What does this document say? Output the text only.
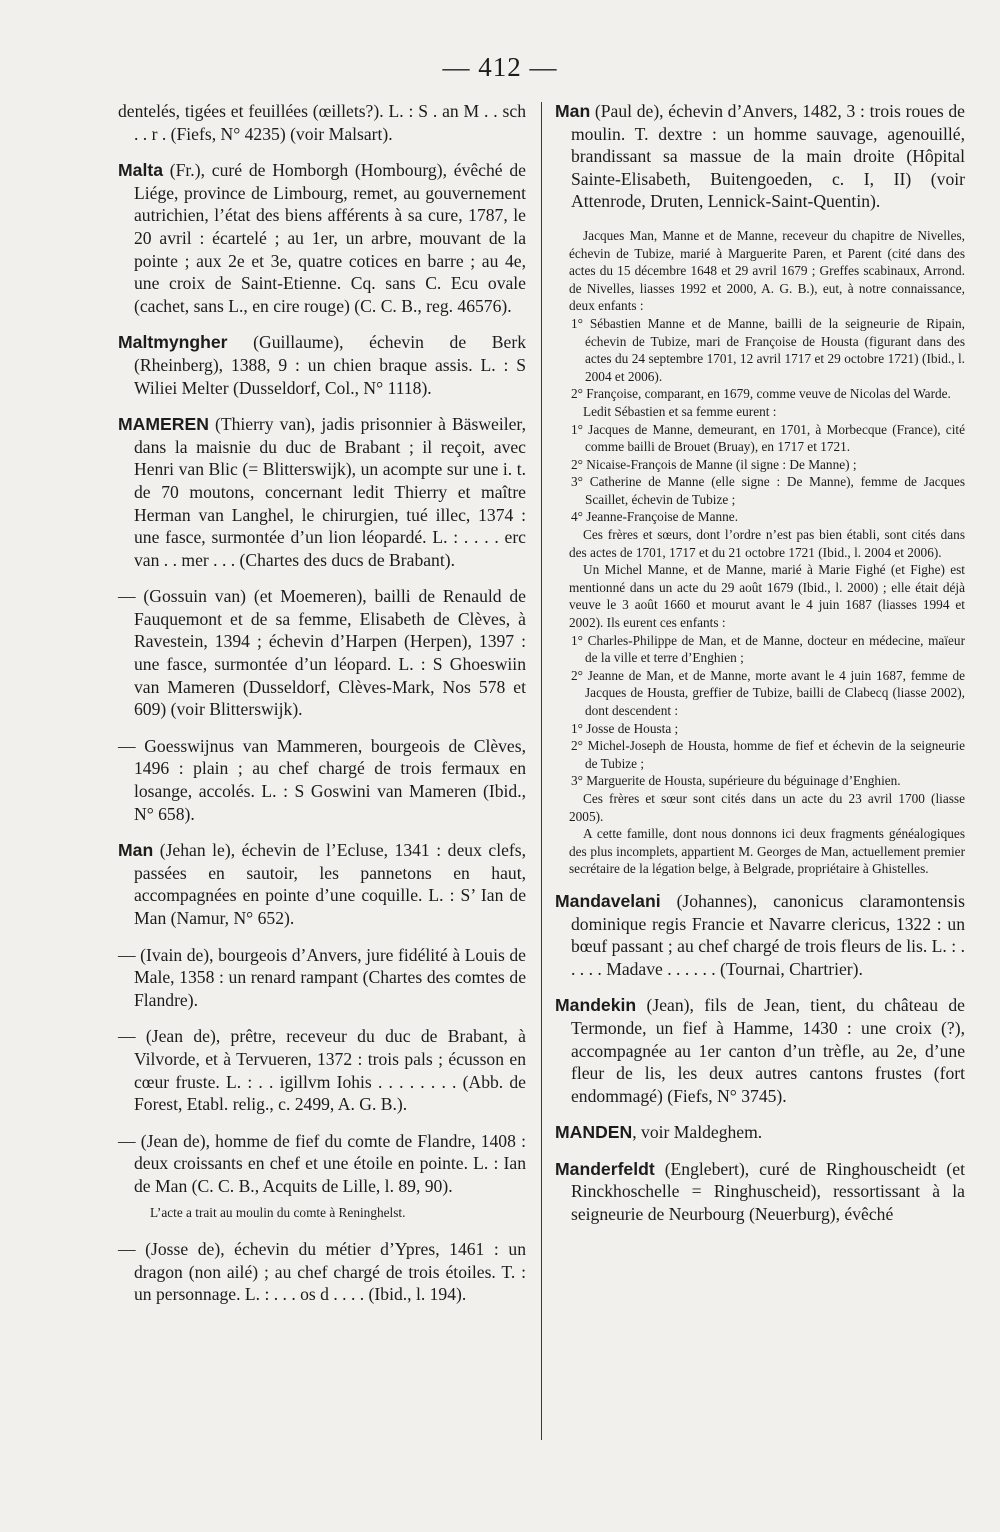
— 412 —

dentelés, tigées et feuillées (œillets?). L. : S . an M . . sch . . r . (Fiefs, N° 4235) (voir Malsart).

Malta (Fr.), curé de Homborgh (Hombourg), évêché de Liége, province de Limbourg, remet, au gouvernement autrichien, l’état des biens afférents à sa cure, 1787, le 20 avril : écartelé ; au 1er, un arbre, mouvant de la pointe ; aux 2e et 3e, quatre cotices en barre ; au 4e, une croix de Saint-Etienne. Cq. sans C. Ecu ovale (cachet, sans L., en cire rouge) (C. C. B., reg. 46576).

Maltmyngher (Guillaume), échevin de Berk (Rheinberg), 1388, 9 : un chien braque assis. L. : S Wiliei Melter (Dusseldorf, Col., N° 1118).

MAMEREN (Thierry van), jadis prisonnier à Bäsweiler, dans la maisnie du duc de Brabant ; il reçoit, avec Henri van Blic (= Blitterswijk), un acompte sur une i. t. de 70 moutons, concernant ledit Thierry et maître Herman van Langhel, le chirurgien, tué illec, 1374 : une fasce, surmontée d’un lion léopardé. L. : . . . . erc van . . mer . . . (Chartes des ducs de Brabant).

— (Gossuin van) (et Moemeren), bailli de Renauld de Fauquemont et de sa femme, Elisabeth de Clèves, à Ravestein, 1394 ; échevin d’Harpen (Herpen), 1397 : une fasce, surmontée d’un léopard. L. : S Ghoeswiin van Mameren (Dusseldorf, Clèves-Mark, Nos 578 et 609) (voir Blitterswijk).

— Goesswijnus van Mammeren, bourgeois de Clèves, 1496 : plain ; au chef chargé de trois fermaux en losange, accolés. L. : S Goswini van Mameren (Ibid., N° 658).

Man (Jehan le), échevin de l’Ecluse, 1341 : deux clefs, passées en sautoir, les pannetons en haut, accompagnées en pointe d’une coquille. L. : S’ Ian de Man (Namur, N° 652).

— (Ivain de), bourgeois d’Anvers, jure fidélité à Louis de Male, 1358 : un renard rampant (Chartes des comtes de Flandre).

— (Jean de), prêtre, receveur du duc de Brabant, à Vilvorde, et à Tervueren, 1372 : trois pals ; écusson en cœur fruste. L. : . . igillvm Iohis . . . . . . . . (Abb. de Forest, Etabl. relig., c. 2499, A. G. B.).

— (Jean de), homme de fief du comte de Flandre, 1408 : deux croissants en chef et une étoile en pointe. L. : Ian de Man (C. C. B., Acquits de Lille, l. 89, 90).
L’acte a trait au moulin du comte à Reninghelst.

— (Josse de), échevin du métier d’Ypres, 1461 : un dragon (non ailé) ; au chef chargé de trois étoiles. T. : un personnage. L. : . . . os d . . . . (Ibid., l. 194).

Man (Paul de), échevin d’Anvers, 1482, 3 : trois roues de moulin. T. dextre : un homme sauvage, agenouillé, brandissant sa massue de la main droite (Hôpital Sainte-Elisabeth, Buitengoeden, c. I, II) (voir Attenrode, Druten, Lennick-Saint-Quentin).

Jacques Man, Manne et de Manne, receveur du chapitre de Nivelles, échevin de Tubize, marié à Marguerite Paren, et Parent (cité dans des actes du 15 décembre 1648 et 29 avril 1679 ; Greffes scabinaux, Arrond. de Nivelles, liasses 1992 et 2000, A. G. B.), eut, à notre connaissance, deux enfants :

1° Sébastien Manne et de Manne, bailli de la seigneurie de Ripain, échevin de Tubize, mari de Françoise de Housta (figurant dans des actes du 24 septembre 1701, 12 avril 1717 et 29 octobre 1721) (Ibid., l. 2004 et 2006).

2° Françoise, comparant, en 1679, comme veuve de Nicolas del Warde.

Ledit Sébastien et sa femme eurent :

1° Jacques de Manne, demeurant, en 1701, à Morbecque (France), cité comme bailli de Brouet (Bruay), en 1717 et 1721.

2° Nicaise-François de Manne (il signe : De Manne) ;

3° Catherine de Manne (elle signe : De Manne), femme de Jacques Scaillet, échevin de Tubize ;

4° Jeanne-Françoise de Manne.

Ces frères et sœurs, dont l’ordre n’est pas bien établi, sont cités dans des actes de 1701, 1717 et du 21 octobre 1721 (Ibid., l. 2004 et 2006).

Un Michel Manne, et de Manne, marié à Marie Fighé (et Fighe) est mentionné dans un acte du 29 août 1679 (Ibid., l. 2000) ; elle était déjà veuve le 3 août 1660 et mourut avant le 4 juin 1687 (liasses 1994 et 2002). Ils eurent ces enfants :

1° Charles-Philippe de Man, et de Manne, docteur en médecine, maïeur de la ville et terre d’Enghien ;

2° Jeanne de Man, et de Manne, morte avant le 4 juin 1687, femme de Jacques de Housta, greffier de Tubize, bailli de Clabecq (liasse 2002), dont descendent :

1° Josse de Housta ;

2° Michel-Joseph de Housta, homme de fief et échevin de la seigneurie de Tubize ;

3° Marguerite de Housta, supérieure du béguinage d’Enghien.

Ces frères et sœur sont cités dans un acte du 23 avril 1700 (liasse 2005).

A cette famille, dont nous donnons ici deux fragments généalogiques des plus incomplets, appartient M. Georges de Man, actuellement premier secrétaire de la légation belge, à Belgrade, propriétaire à Ghistelles.

Mandavelani (Johannes), canonicus claramontensis dominique regis Francie et Navarre clericus, 1322 : un bœuf passant ; au chef chargé de trois fleurs de lis. L. : . . . . . Madave . . . . . . (Tournai, Chartrier).

Mandekin (Jean), fils de Jean, tient, du château de Termonde, un fief à Hamme, 1430 : une croix (?), accompagnée au 1er canton d’un trèfle, au 2e, d’une fleur de lis, les deux autres cantons frustes (fort endommagé) (Fiefs, N° 3745).

MANDEN, voir Maldeghem.

Manderfeldt (Englebert), curé de Ringhouscheidt (et Rinckhoschelle = Ringhuscheid), ressortissant à la seigneurie de Neurbourg (Neuerburg), évêché
